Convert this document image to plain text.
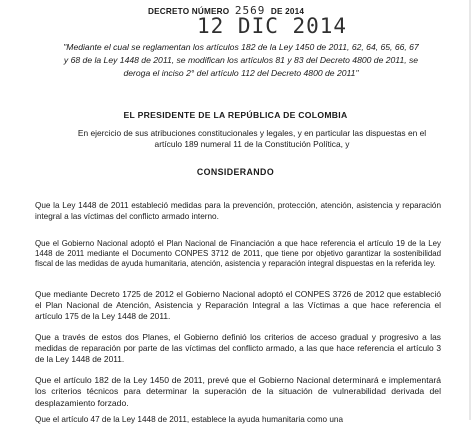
DECRETO NÚMERO 2569 DE 2014
12 DIC 2014
"Mediante el cual se reglamentan los artículos 182 de la Ley 1450 de 2011, 62, 64, 65, 66, 67 y 68 de la Ley 1448 de 2011, se modifican los artículos 81 y 83 del Decreto 4800 de 2011, se deroga el inciso 2° del artículo 112 del Decreto 4800 de 2011"
EL PRESIDENTE DE LA REPÚBLICA DE COLOMBIA
En ejercicio de sus atribuciones constitucionales y legales, y en particular las dispuestas en el artículo 189 numeral 11 de la Constitución Política, y
CONSIDERANDO

Que la Ley 1448 de 2011 estableció medidas para la prevención, protección, atención, asistencia y reparación integral a las víctimas del conflicto armado interno.

Que el Gobierno Nacional adoptó el Plan Nacional de Financiación a que hace referencia el artículo 19 de la Ley 1448 de 2011 mediante el Documento CONPES 3712 de 2011, que tiene por objetivo garantizar la sostenibilidad fiscal de las medidas de ayuda humanitaria, atención, asistencia y reparación integral dispuestas en la referida ley.

Que mediante Decreto 1725 de 2012 el Gobierno Nacional adoptó el CONPES 3726 de 2012 que estableció el Plan Nacional de Atención, Asistencia y Reparación Integral a las Víctimas a que hace referencia el artículo 175 de la Ley 1448 de 2011.

Que a través de estos dos Planes, el Gobierno definió los criterios de acceso gradual y progresivo a las medidas de reparación por parte de las víctimas del conflicto armado, a las que hace referencia el artículo 3 de la Ley 1448 de 2011.

Que el artículo 182 de la Ley 1450 de 2011, prevé que el Gobierno Nacional determinará e implementará los criterios técnicos para determinar la superación de la situación de vulnerabilidad derivada del desplazamiento forzado.

Que el artículo 47 de la Ley 1448 de 2011, establece la ayuda humanitaria como una
